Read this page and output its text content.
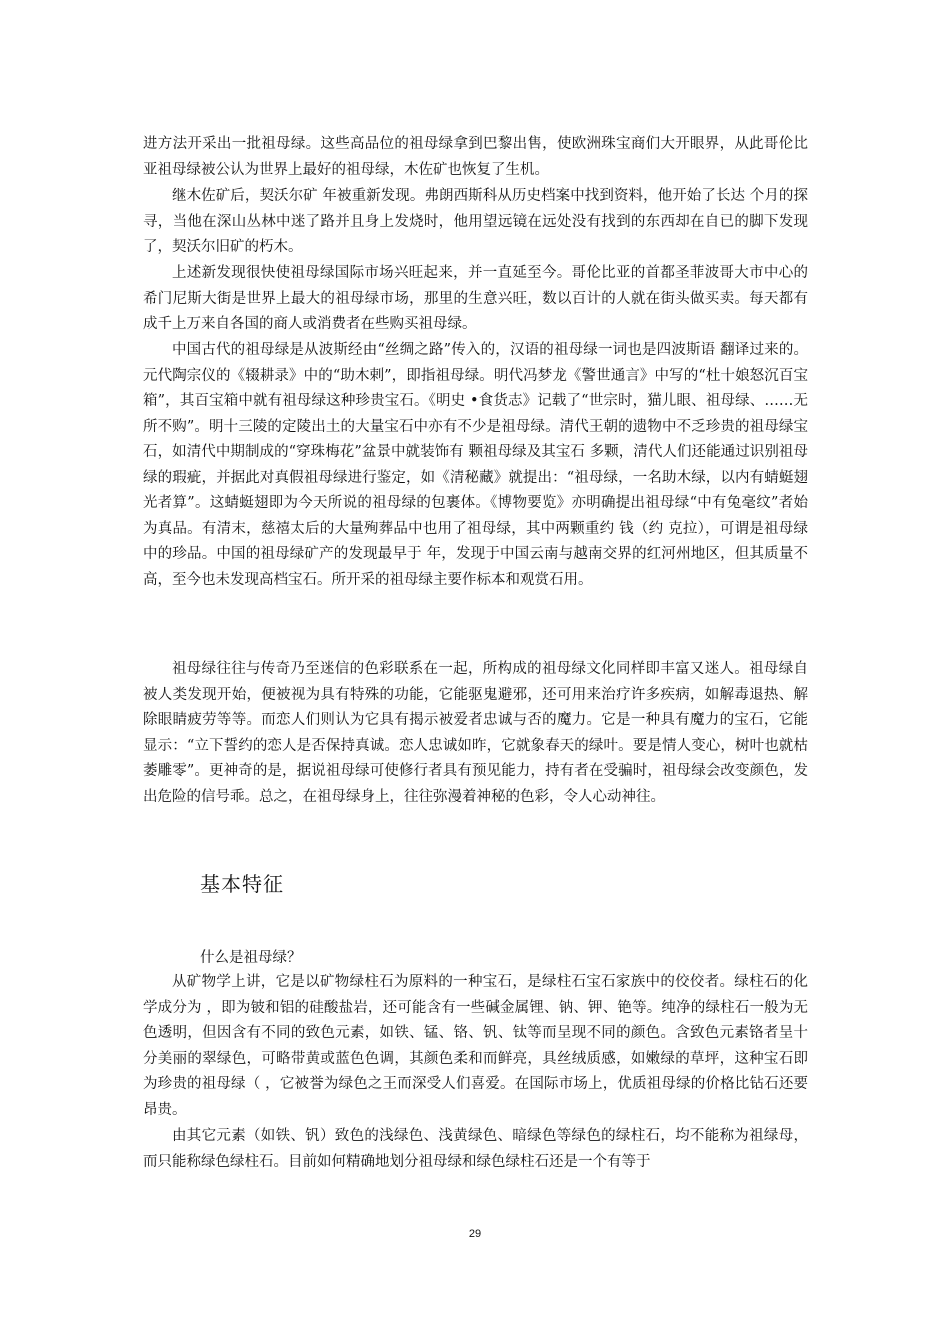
进方法开采出一批祖母绿。这些高品位的祖母绿拿到巴黎出售，使欧洲珠宝商们大开眼界，从此哥伦比亚祖母绿被公认为世界上最好的祖母绿，木佐矿也恢复了生机。

继木佐矿后，契沃尔矿 年被重新发现。弗朗西斯科从历史档案中找到资料，他开始了长达 个月的探寻，当他在深山丛林中迷了路并且身上发烧时，他用望远镜在远处没有找到的东西却在自已的脚下发现了，契沃尔旧矿的朽木。

上述新发现很快使祖母绿国际市场兴旺起来，并一直延至今。哥伦比亚的首都圣菲波哥大市中心的希门尼斯大街是世界上最大的祖母绿市场，那里的生意兴旺，数以百计的人就在街头做买卖。每天都有成千上万来自各国的商人或消费者在些购买祖母绿。

中国古代的祖母绿是从波斯经由“丝绸之路”传入的，汉语的祖母绿一词也是四波斯语 翻译过来的。元代陶宗仪的《辍耕录》中的“助木剌”，即指祖母绿。明代冯梦龙《警世通言》中写的“杜十娘怒沉百宝箱”，其百宝箱中就有祖母绿这种珍贵宝石。《明史 •食货志》记载了“世宗时，猫儿眼、祖母绿、……无所不购”。明十三陵的定陵出土的大量宝石中亦有不少是祖母绿。清代王朝的遗物中不乏珍贵的祖母绿宝石，如清代中期制成的“穿珠梅花”盆景中就装饰有 颗祖母绿及其宝石 多颗，清代人们还能通过识别祖母绿的瑕疵，并据此对真假祖母绿进行鉴定，如《清秘藏》就提出：“祖母绿，一名助木绿，以内有蜻蜓翅光者算”。这蜻蜓翅即为今天所说的祖母绿的包裹体。《博物要览》亦明确提出祖母绿“中有兔毫纹”者始为真品。有清末，慈禧太后的大量殉葬品中也用了祖母绿，其中两颗重约 钱（约 克拉），可谓是祖母绿中的珍品。中国的祖母绿矿产的发现最早于 年，发现于中国云南与越南交界的红河州地区，但其质量不高，至今也未发现高档宝石。所开采的祖母绿主要作标本和观赏石用。

祖母绿往往与传奇乃至迷信的色彩联系在一起，所构成的祖母绿文化同样即丰富又迷人。祖母绿自被人类发现开始，便被视为具有特殊的功能，它能驱鬼避邪，还可用来治疗许多疾病，如解毒退热、解除眼睛疲劳等等。而恋人们则认为它具有揭示被爱者忠诚与否的魔力。它是一种具有魔力的宝石，它能显示：“立下誓约的恋人是否保持真诚。恋人忠诚如昨，它就象春天的绿叶。要是情人变心，树叶也就枯萎雕零”。更神奇的是，据说祖母绿可使修行者具有预见能力，持有者在受骗时，祖母绿会改变颜色，发出危险的信号乖。总之，在祖母绿身上，往往弥漫着神秘的色彩，令人心动神往。

基本特征

什么是祖母绿？

从矿物学上讲，它是以矿物绿柱石为原料的一种宝石，是绿柱石宝石家族中的佼佼者。绿柱石的化学成分为 ，即为铍和铝的硅酸盐岩，还可能含有一些碱金属锂、钠、钾、铯等。纯净的绿柱石一般为无色透明，但因含有不同的致色元素，如铁、锰、铬、钒、钛等而呈现不同的颜色。含致色元素铬者呈十分美丽的翠绿色，可略带黄或蓝色色调，其颜色柔和而鲜亮，具丝绒质感，如嫩绿的草坪，这种宝石即为珍贵的祖母绿（ ，它被誉为绿色之王而深受人们喜爱。在国际市场上，优质祖母绿的价格比钻石还要昂贵。

由其它元素（如铁、钒）致色的浅绿色、浅黄绿色、暗绿色等绿色的绿柱石，均不能称为祖绿母，而只能称绿色绿柱石。目前如何精确地划分祖母绿和绿色绿柱石还是一个有等于

29
